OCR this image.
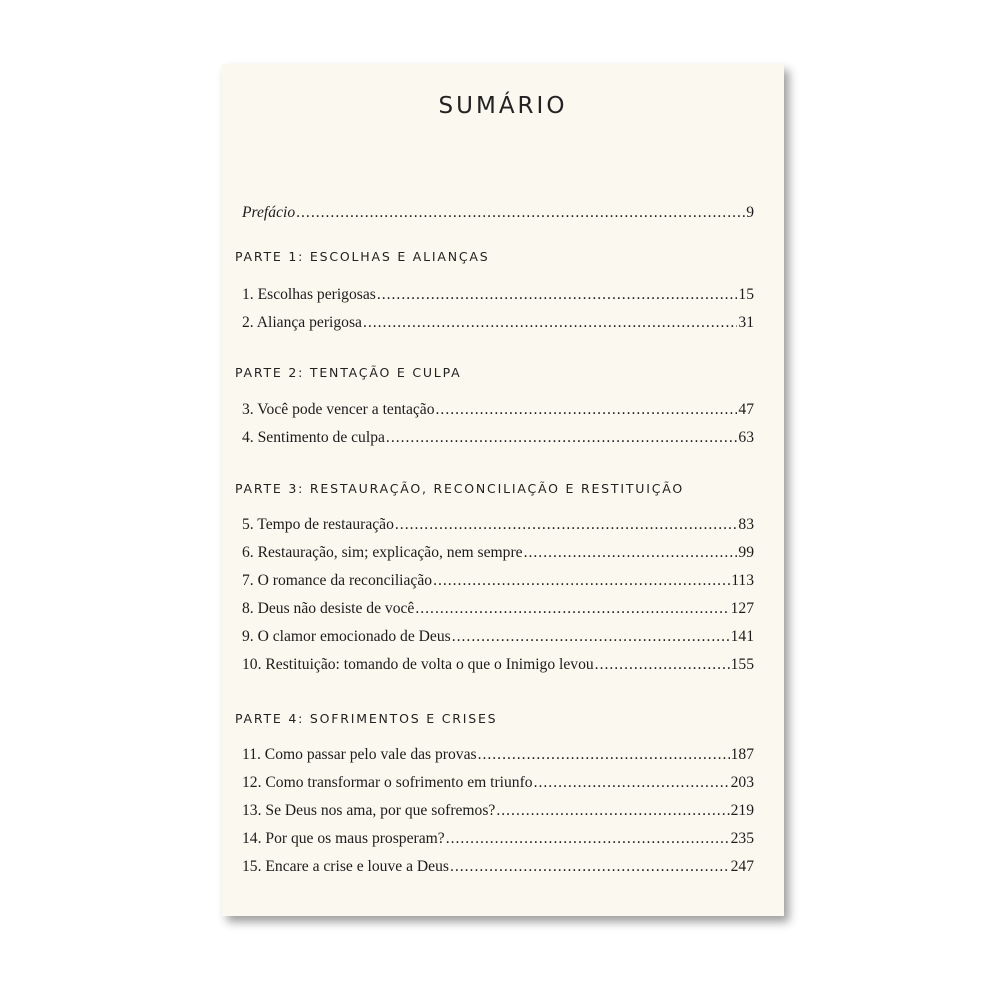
SUMÁRIO
Prefácio .....	9
PARTE 1: ESCOLHAS E ALIANÇAS
1. Escolhas perigosas .....	15
2. Aliança perigosa .....	31
PARTE 2: TENTAÇÃO E CULPA
3. Você pode vencer a tentação .....	47
4. Sentimento de culpa .....	63
PARTE 3: RESTAURAÇÃO, RECONCILIAÇÃO E RESTITUIÇÃO
5. Tempo de restauração .....	83
6. Restauração, sim; explicação, nem sempre .....	99
7. O romance da reconciliação .....	113
8. Deus não desiste de você .....	127
9. O clamor emocionado de Deus .....	141
10. Restituição: tomando de volta o que o Inimigo levou .....	155
PARTE 4: SOFRIMENTOS E CRISES
11. Como passar pelo vale das provas .....	187
12. Como transformar o sofrimento em triunfo .....	203
13. Se Deus nos ama, por que sofremos? .....	219
14. Por que os maus prosperam? .....	235
15. Encare a crise e louve a Deus .....	247
